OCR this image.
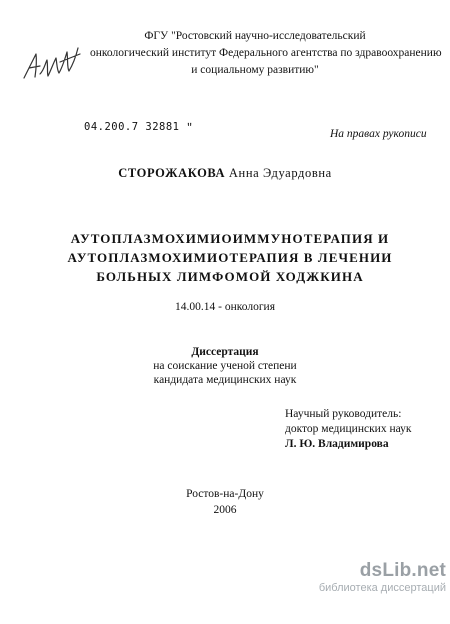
ФГУ "Ростовский научно-исследовательский
онкологический институт Федерального агентства по здравоохранению
и социальному развитию"
04.200.7 32881 ʺ
На правах рукописи
СТОРОЖАКОВА Анна Эдуардовна
АУТОПЛАЗМОХИМИОИММУНОТЕРАПИЯ И
АУТОПЛАЗМОХИМИОТЕРАПИЯ В ЛЕЧЕНИИ
БОЛЬНЫХ ЛИМФОМОЙ ХОДЖКИНА
14.00.14 - онкология
Диссертация
на соискание ученой степени
кандидата медицинских наук
Научный руководитель:
доктор медицинских наук
Л. Ю. Владимирова
Ростов-на-Дону
2006
dsLib.net
библиотека диссертаций
